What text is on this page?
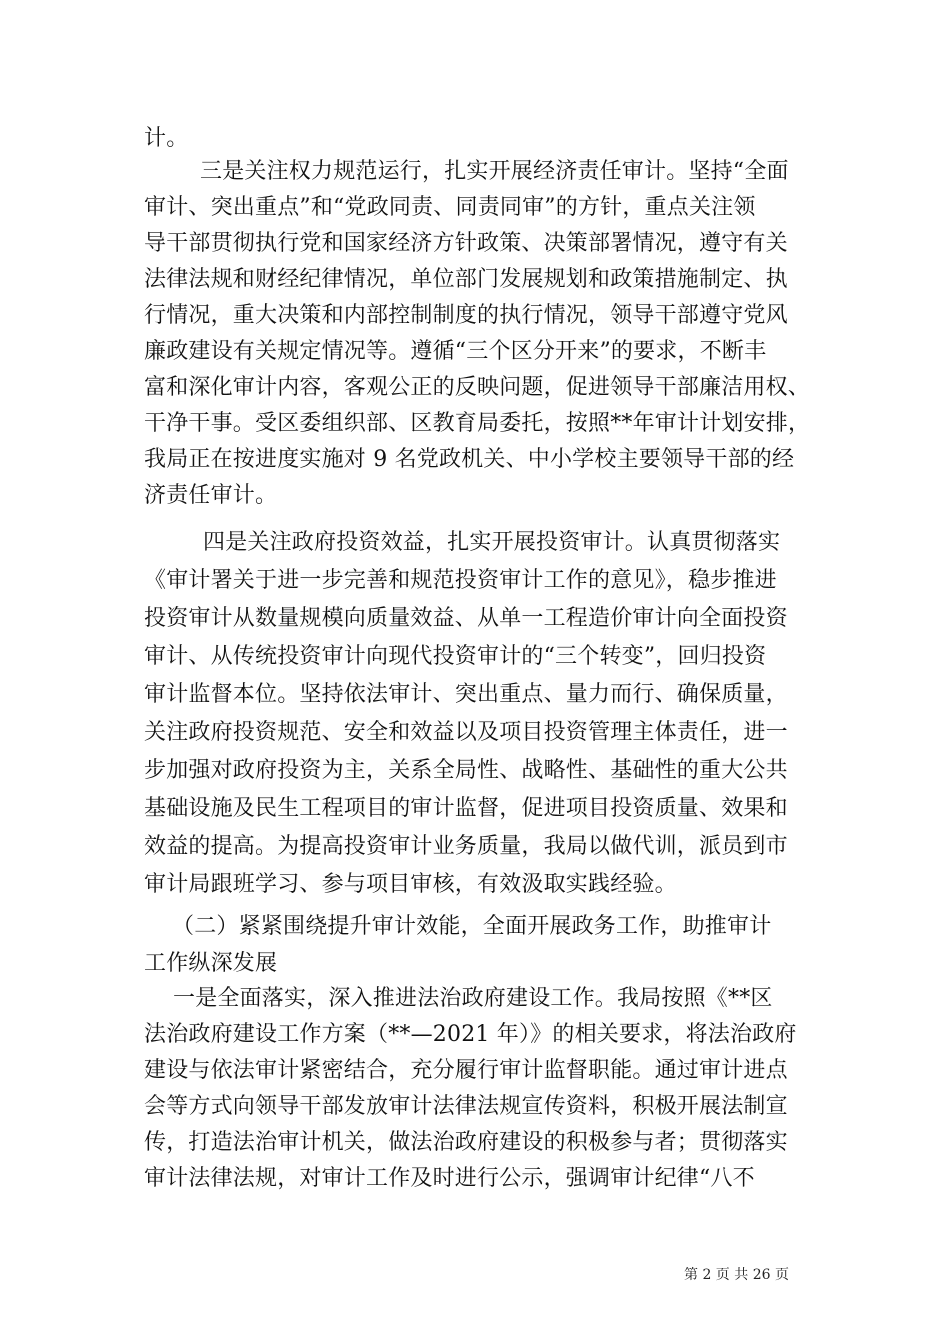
计。
三是关注权力规范运行，扎实开展经济责任审计。坚持“全面
审计、突出重点”和“党政同责、同责同审”的方针，重点关注领
导干部贯彻执行党和国家经济方针政策、决策部署情况，遵守有关
法律法规和财经纪律情况，单位部门发展规划和政策措施制定、执
行情况，重大决策和内部控制制度的执行情况，领导干部遵守党风
廉政建设有关规定情况等。遵循“三个区分开来”的要求，不断丰
富和深化审计内容，客观公正的反映问题，促进领导干部廉洁用权、
干净干事。受区委组织部、区教育局委托，按照**年审计计划安排，
我局正在按进度实施对 9 名党政机关、中小学校主要领导干部的经
济责任审计。
四是关注政府投资效益，扎实开展投资审计。认真贯彻落实
《审计署关于进一步完善和规范投资审计工作的意见》，稳步推进
投资审计从数量规模向质量效益、从单一工程造价审计向全面投资
审计、从传统投资审计向现代投资审计的“三个转变”，回归投资
审计监督本位。坚持依法审计、突出重点、量力而行、确保质量，
关注政府投资规范、安全和效益以及项目投资管理主体责任，进一
步加强对政府投资为主，关系全局性、战略性、基础性的重大公共
基础设施及民生工程项目的审计监督，促进项目投资质量、效果和
效益的提高。为提高投资审计业务质量，我局以做代训，派员到市
审计局跟班学习、参与项目审核，有效汲取实践经验。
（二）紧紧围绕提升审计效能，全面开展政务工作，助推审计
工作纵深发展
一是全面落实，深入推进法治政府建设工作。我局按照《**区
法治政府建设工作方案（**—2021 年）》的相关要求，将法治政府
建设与依法审计紧密结合，充分履行审计监督职能。通过审计进点
会等方式向领导干部发放审计法律法规宣传资料，积极开展法制宣
传，打造法治审计机关，做法治政府建设的积极参与者；贯彻落实
审计法律法规，对审计工作及时进行公示，强调审计纪律“八不
第 2 页 共 26 页
